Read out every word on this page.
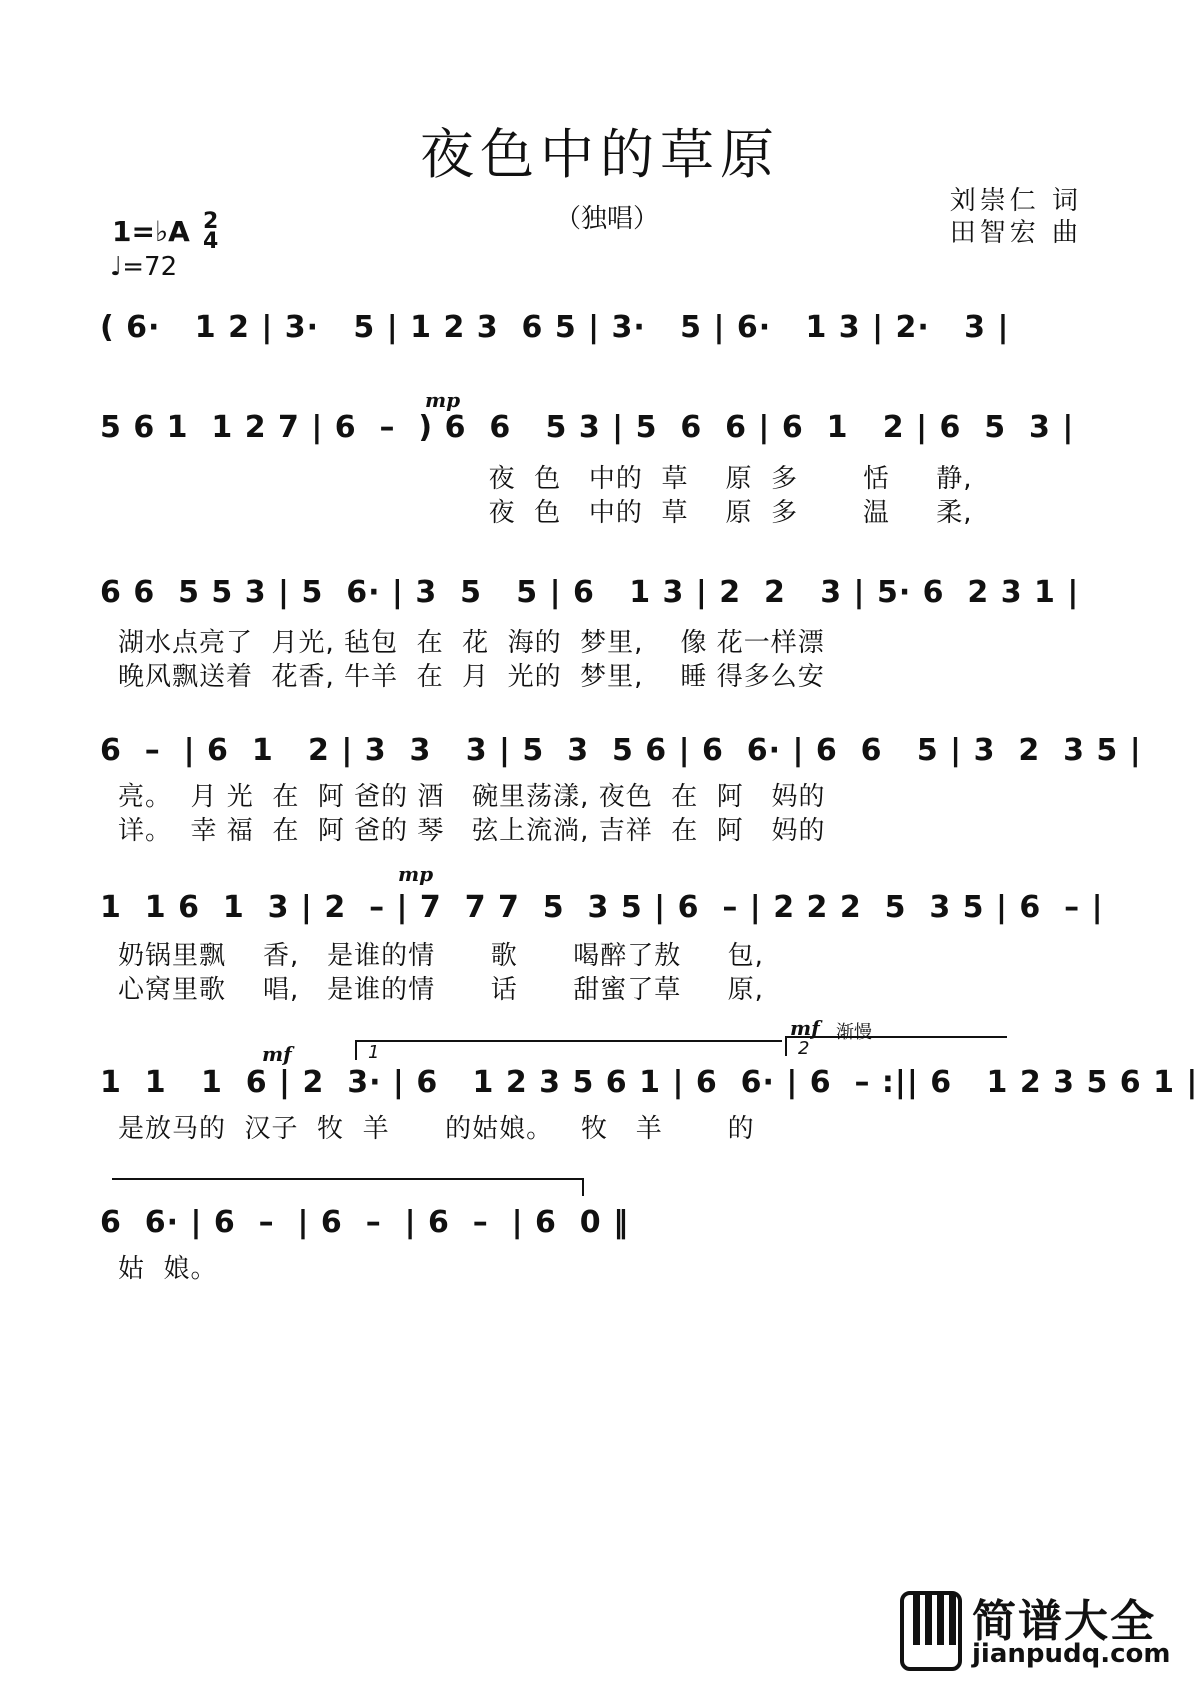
夜色中的草原
（独唱）
刘崇仁 词
田智宏 曲
1=♭A 2
4
♩=72
( 6·   1 2 | 3·   5 | 1 2 3  6 5 | 3·   5 | 6·   1 3 | 2·   3 |
mp
5 6 1  1 2 7 | 6  –  ) 6  6   5 3 | 5  6  6 | 6  1   2 | 6  5  3 |
夜  色   中的  草    原  多       恬     静,
夜  色   中的  草    原  多       温     柔,
6 6  5 5 3 | 5  6· | 3  5   5 | 6   1 3 | 2  2   3 | 5· 6  2 3 1 |
湖水点亮了  月光, 毡包  在  花  海的  梦里,    像 花一样漂
晚风飘送着  花香, 牛羊  在  月  光的  梦里,    睡 得多么安
6  –  | 6  1   2 | 3  3   3 | 5  3  5 6 | 6  6· | 6  6   5 | 3  2  3 5 |
亮。  月 光  在  阿 爸的 酒   碗里荡漾, 夜色  在  阿   妈的
详。  幸 福  在  阿 爸的 琴   弦上流淌, 吉祥  在  阿   妈的
mp
1  1 6  1  3 | 2  – | 7  7 7  5  3 5 | 6  – | 2 2 2  5  3 5 | 6  – |
奶锅里飘    香,   是谁的情      歌      喝醉了敖     包,
心窝里歌    唱,   是谁的情      话      甜蜜了草     原,
mf
mf 渐慢
1	2
1  1   1  6 | 2  3· | 6   1 2 3 5 6 1 | 6  6· | 6  – :|| 6   1 2 3 5 6 1 |
是放马的  汉子  牧  羊      的姑娘。   牧   羊       的
6  6· | 6  –  | 6  –  | 6  –  | 6  0 ‖
姑  娘。
简谱大全
jianpudq.com
